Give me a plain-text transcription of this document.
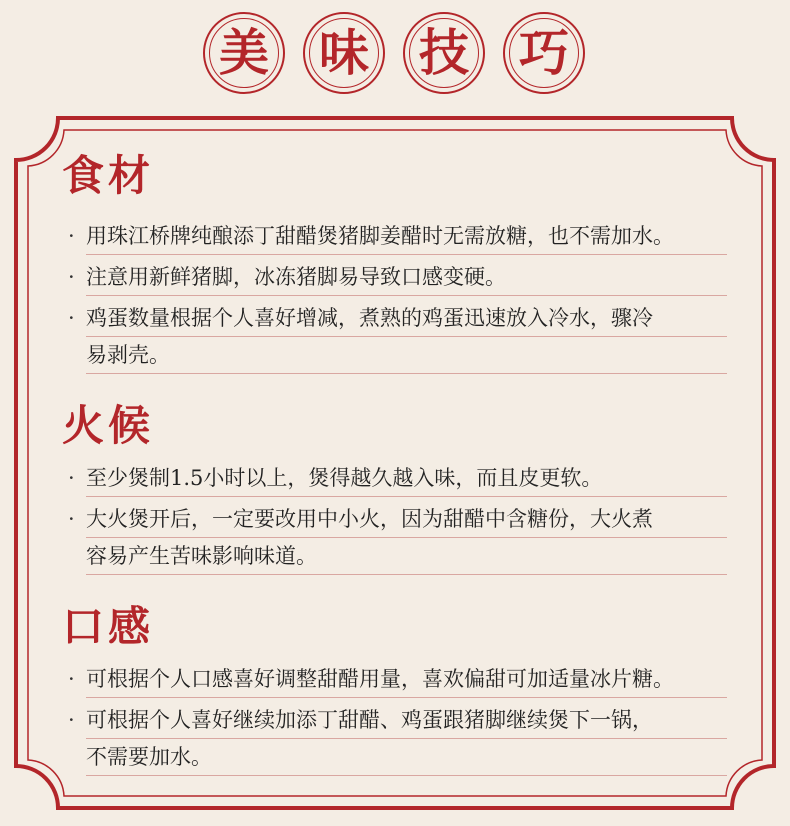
美 味 技 巧
食材
· 用珠江桥牌纯酿添丁甜醋煲猪脚姜醋时无需放糖，也不需加水。
· 注意用新鲜猪脚，冰冻猪脚易导致口感变硬。
· 鸡蛋数量根据个人喜好增减，煮熟的鸡蛋迅速放入冷水，骤冷
易剥壳。
火候
· 至少煲制1.5小时以上，煲得越久越入味，而且皮更软。
· 大火煲开后，一定要改用中小火，因为甜醋中含糖份，大火煮
容易产生苦味影响味道。
口感
· 可根据个人口感喜好调整甜醋用量，喜欢偏甜可加适量冰片糖。
· 可根据个人喜好继续加添丁甜醋、鸡蛋跟猪脚继续煲下一锅，
不需要加水。
